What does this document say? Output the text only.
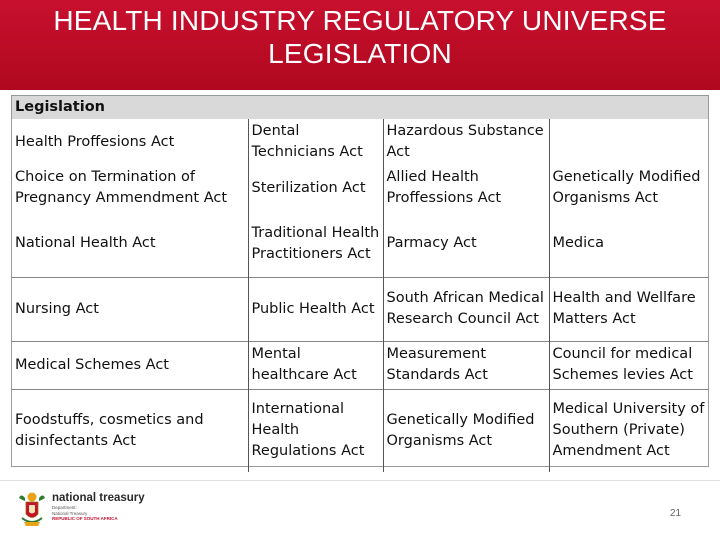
HEALTH INDUSTRY REGULATORY UNIVERSE
LEGISLATION
Legislation			
Health Proffesions Act	Dental Technicians Act	Hazardous Substance Act	
Choice on Termination of Pregnancy Ammendment Act	Sterilization Act	Allied Health Proffessions Act	Genetically Modified Organisms Act
National Health Act	Traditional Health Practitioners Act	Parmacy Act	Medica
Nursing Act	Public Health Act	South African Medical Research Council Act	Health and Wellfare Matters Act
Medical Schemes Act	Mental healthcare Act	Measurement Standards Act	Council for medical Schemes levies Act
Foodstuffs, cosmetics and disinfectants Act	International Health Regulations Act	Genetically Modified Organisms Act	Medical University of Southern (Private) Amendment Act
national treasury
Department:
National Treasury
REPUBLIC OF SOUTH AFRICA	21
